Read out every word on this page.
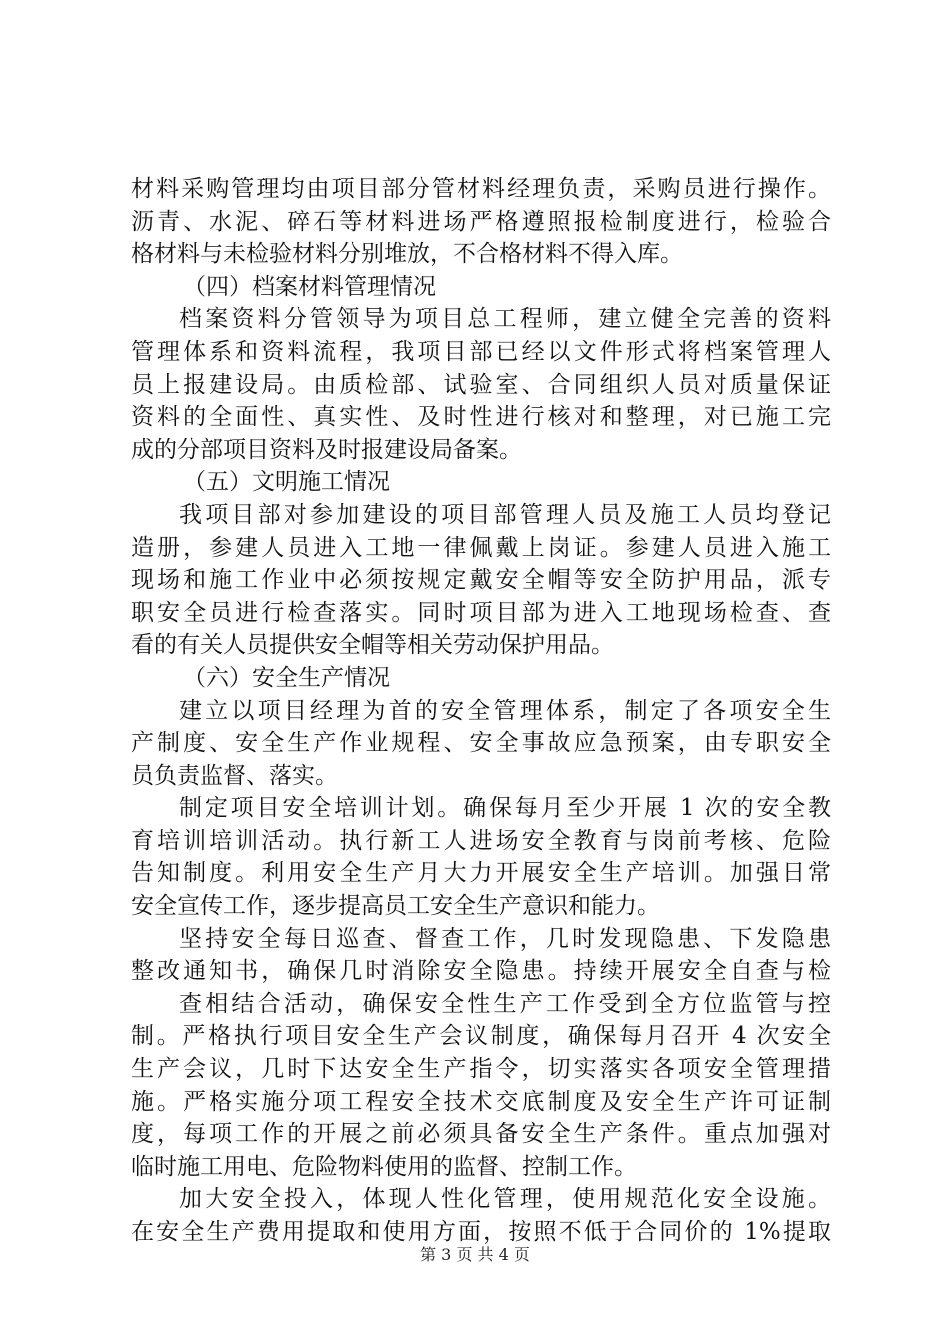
材料采购管理均由项目部分管材料经理负责，采购员进行操作。
沥青、水泥、碎石等材料进场严格遵照报检制度进行，检验合
格材料与未检验材料分别堆放，不合格材料不得入库。
（四）档案材料管理情况
档案资料分管领导为项目总工程师，建立健全完善的资料
管理体系和资料流程，我项目部已经以文件形式将档案管理人
员上报建设局。由质检部、试验室、合同组织人员对质量保证
资料的全面性、真实性、及时性进行核对和整理，对已施工完
成的分部项目资料及时报建设局备案。
（五）文明施工情况
我项目部对参加建设的项目部管理人员及施工人员均登记
造册，参建人员进入工地一律佩戴上岗证。参建人员进入施工
现场和施工作业中必须按规定戴安全帽等安全防护用品，派专
职安全员进行检查落实。同时项目部为进入工地现场检查、查
看的有关人员提供安全帽等相关劳动保护用品。
（六）安全生产情况
建立以项目经理为首的安全管理体系，制定了各项安全生
产制度、安全生产作业规程、安全事故应急预案，由专职安全
员负责监督、落实。
制定项目安全培训计划。确保每月至少开展 1 次的安全教
育培训培训活动。执行新工人进场安全教育与岗前考核、危险
告知制度。利用安全生产月大力开展安全生产培训。加强日常
安全宣传工作，逐步提高员工安全生产意识和能力。
坚持安全每日巡查、督查工作，几时发现隐患、下发隐患
整改通知书，确保几时消除安全隐患。持续开展安全自查与检
查相结合活动，确保安全性生产工作受到全方位监管与控
制。严格执行项目安全生产会议制度，确保每月召开 4 次安全
生产会议，几时下达安全生产指令，切实落实各项安全管理措
施。严格实施分项工程安全技术交底制度及安全生产许可证制
度，每项工作的开展之前必须具备安全生产条件。重点加强对
临时施工用电、危险物料使用的监督、控制工作。
加大安全投入，体现人性化管理，使用规范化安全设施。
在安全生产费用提取和使用方面，按照不低于合同价的 1%提取
第 3 页 共 4 页
